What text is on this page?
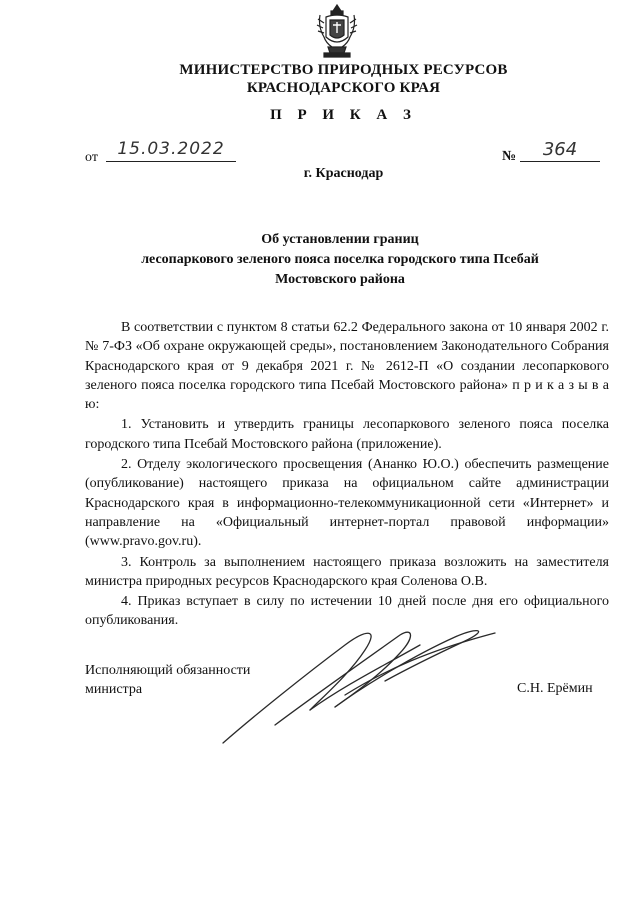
МИНИСТЕРСТВО ПРИРОДНЫХ РЕСУРСОВ
КРАСНОДАРСКОГО КРАЯ
П Р И К А З
от	15.03.2022	№	364
г. Краснодар
Об установлении границ
лесопаркового зеленого пояса поселка городского типа Псебай
Мостовского района

В соответствии с пунктом 8 статьи 62.2 Федерального закона от 10 января 2002 г. № 7-ФЗ «Об охране окружающей среды», постановлением Законодательного Собрания Краснодарского края от 9 декабря 2021 г. № 2612-П «О создании лесопаркового зеленого пояса поселка городского типа Псебай Мостовского района» п р и к а з ы в а ю:

1. Установить и утвердить границы лесопаркового зеленого пояса поселка городского типа Псебай Мостовского района (приложение).

2. Отделу экологического просвещения (Ананко Ю.О.) обеспечить размещение (опубликование) настоящего приказа на официальном сайте администрации Краснодарского края в информационно-телекоммуникационной сети «Интернет» и направление на «Официальный интернет-портал правовой информации» (www.pravo.gov.ru).

3. Контроль за выполнением настоящего приказа возложить на заместителя министра природных ресурсов Краснодарского края Соленова О.В.

4. Приказ вступает в силу по истечении 10 дней после дня его официального опубликования.

Исполняющий обязанности
министра	С.Н. Ерёмин
